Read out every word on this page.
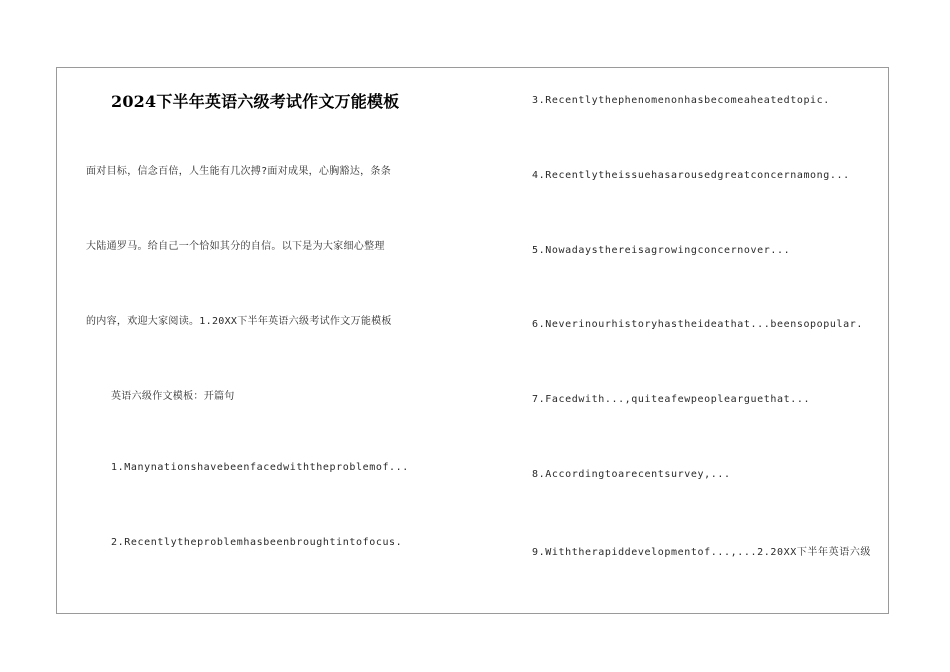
2024下半年英语六级考试作文万能模板
面对目标，信念百倍，人生能有几次搏?面对成果，心胸豁达，条条
大陆通罗马。给自己一个恰如其分的自信。以下是为大家细心整理
的内容，欢迎大家阅读。1.20XX下半年英语六级考试作文万能模板
英语六级作文模板：开篇句
1.Manynationshavebeenfacedwiththeproblemof...
2.Recentlytheproblemhasbeenbroughtintofocus.
3.Recentlythephenomenonhasbecomeaheatedtopic.
4.Recentlytheissuehasarousedgreatconcernamong...
5.Nowadaysthereisagrowingconcernover...
6.Neverinourhistoryhastheideathat...beensopopular.
7.Facedwith...,quiteafewpeoplearguethat...
8.Accordingtoarecentsurvey,...
9.Withtherapiddevelopmentof...,...2.20XX下半年英语六级
